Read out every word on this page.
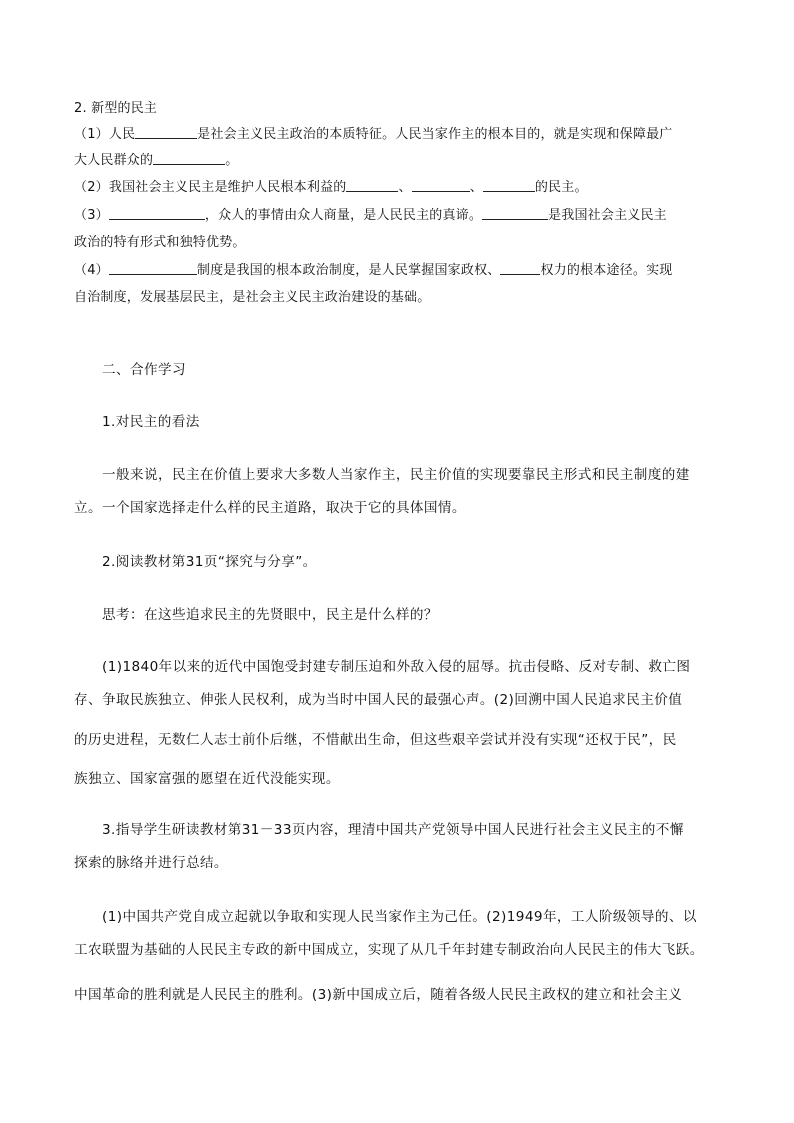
2. 新型的民主
（1）人民	是社会主义民主政治的本质特征。人民当家作主的根本目的，就是实现和保障最广
大人民群众的	。
（2）我国社会主义民主是维护人民根本利益的	、	、	的民主。
（3）	，众人的事情由众人商量，是人民民主的真谛。	是我国社会主义民主
政治的特有形式和独特优势。
（4）	制度是我国的根本政治制度，是人民掌握国家政权、	权力的根本途径。实现
自治制度，发展基层民主，是社会主义民主政治建设的基础。
二、合作学习
1.对民主的看法
一般来说，民主在价值上要求大多数人当家作主，民主价值的实现要靠民主形式和民主制度的建
立。一个国家选择走什么样的民主道路，取决于它的具体国情。
2.阅读教材第31页“探究与分享”。
思考：在这些追求民主的先贤眼中，民主是什么样的？
(1)1840年以来的近代中国饱受封建专制压迫和外敌入侵的屈辱。抗击侵略、反对专制、救亡图
存、争取民族独立、伸张人民权利，成为当时中国人民的最强心声。(2)回溯中国人民追求民主价值
的历史进程，无数仁人志士前仆后继，不惜献出生命，但这些艰辛尝试并没有实现“还权于民”，民
族独立、国家富强的愿望在近代没能实现。
3.指导学生研读教材第31－33页内容，理清中国共产党领导中国人民进行社会主义民主的不懈
探索的脉络并进行总结。
(1)中国共产党自成立起就以争取和实现人民当家作主为己任。(2)1949年，工人阶级领导的、以
工农联盟为基础的人民民主专政的新中国成立，实现了从几千年封建专制政治向人民民主的伟大飞跃。
中国革命的胜利就是人民民主的胜利。(3)新中国成立后，随着各级人民民主政权的建立和社会主义
